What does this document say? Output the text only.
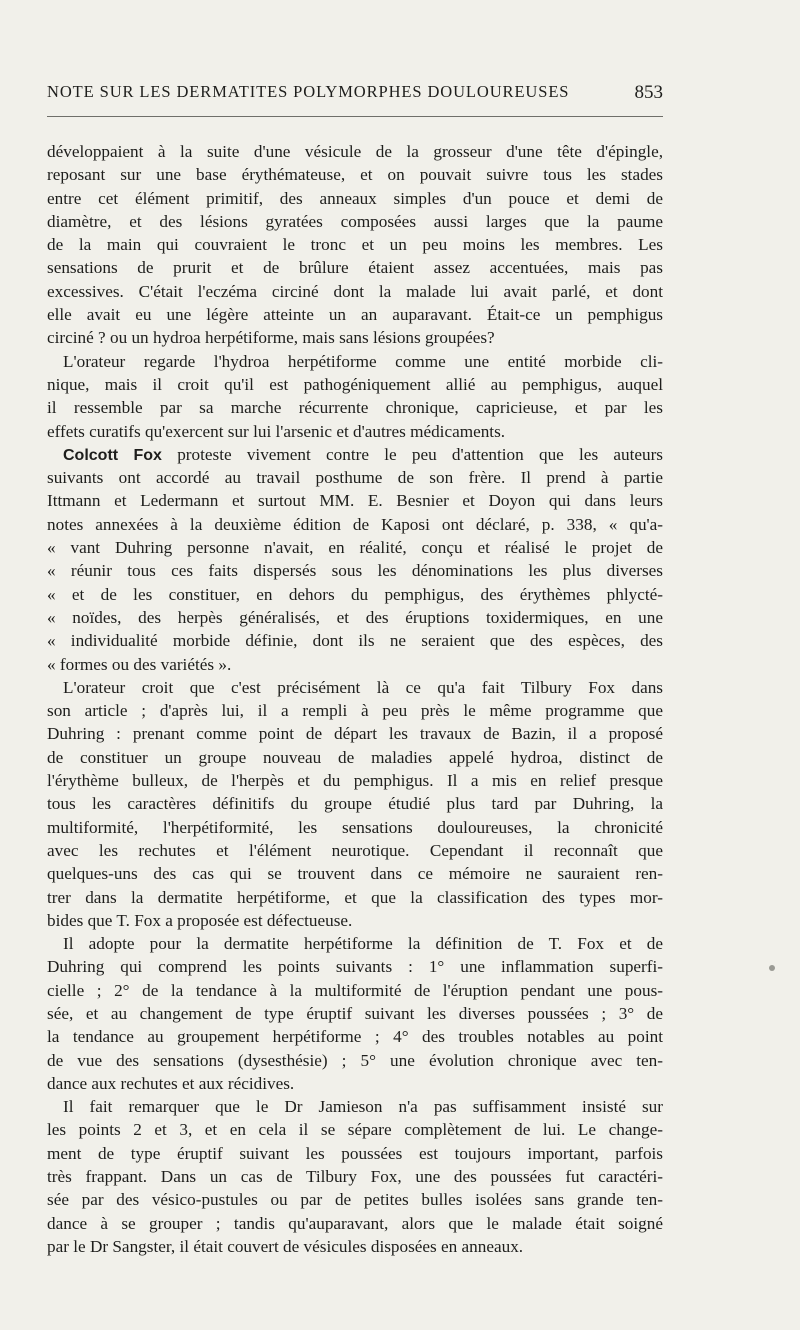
NOTE SUR LES DERMATITES POLYMORPHES DOULOUREUSES	853
développaient à la suite d'une vésicule de la grosseur d'une tête d'épingle,
reposant sur une base érythémateuse, et on pouvait suivre tous les stades
entre cet élément primitif, des anneaux simples d'un pouce et demi de
diamètre, et des lésions gyratées composées aussi larges que la paume
de la main qui couvraient le tronc et un peu moins les membres. Les
sensations de prurit et de brûlure étaient assez accentuées, mais pas
excessives. C'était l'eczéma circiné dont la malade lui avait parlé, et dont
elle avait eu une légère atteinte un an auparavant. Était-ce un pemphigus
circiné ? ou un hydroa herpétiforme, mais sans lésions groupées?
L'orateur regarde l'hydroa herpétiforme comme une entité morbide cli-
nique, mais il croit qu'il est pathogéniquement allié au pemphigus, auquel
il ressemble par sa marche récurrente chronique, capricieuse, et par les
effets curatifs qu'exercent sur lui l'arsenic et d'autres médicaments.
Colcott Fox proteste vivement contre le peu d'attention que les auteurs
suivants ont accordé au travail posthume de son frère. Il prend à partie
Ittmann et Ledermann et surtout MM. E. Besnier et Doyon qui dans leurs
notes annexées à la deuxième édition de Kaposi ont déclaré, p. 338, « qu'a-
« vant Duhring personne n'avait, en réalité, conçu et réalisé le projet de
« réunir tous ces faits dispersés sous les dénominations les plus diverses
« et de les constituer, en dehors du pemphigus, des érythèmes phlycté-
« noïdes, des herpès généralisés, et des éruptions toxidermiques, en une
« individualité morbide définie, dont ils ne seraient que des espèces, des
« formes ou des variétés ».
L'orateur croit que c'est précisément là ce qu'a fait Tilbury Fox dans
son article ; d'après lui, il a rempli à peu près le même programme que
Duhring : prenant comme point de départ les travaux de Bazin, il a proposé
de constituer un groupe nouveau de maladies appelé hydroa, distinct de
l'érythème bulleux, de l'herpès et du pemphigus. Il a mis en relief presque
tous les caractères définitifs du groupe étudié plus tard par Duhring, la
multiformité, l'herpétiformité, les sensations douloureuses, la chronicité
avec les rechutes et l'élément neurotique. Cependant il reconnaît que
quelques-uns des cas qui se trouvent dans ce mémoire ne sauraient ren-
trer dans la dermatite herpétiforme, et que la classification des types mor-
bides que T. Fox a proposée est défectueuse.
Il adopte pour la dermatite herpétiforme la définition de T. Fox et de
Duhring qui comprend les points suivants : 1° une inflammation superfi-
cielle ; 2° de la tendance à la multiformité de l'éruption pendant une pous-
sée, et au changement de type éruptif suivant les diverses poussées ; 3° de
la tendance au groupement herpétiforme ; 4° des troubles notables au point
de vue des sensations (dysesthésie) ; 5° une évolution chronique avec ten-
dance aux rechutes et aux récidives.
Il fait remarquer que le Dr Jamieson n'a pas suffisamment insisté sur
les points 2 et 3, et en cela il se sépare complètement de lui. Le change-
ment de type éruptif suivant les poussées est toujours important, parfois
très frappant. Dans un cas de Tilbury Fox, une des poussées fut caractéri-
sée par des vésico-pustules ou par de petites bulles isolées sans grande ten-
dance à se grouper ; tandis qu'auparavant, alors que le malade était soigné
par le Dr Sangster, il était couvert de vésicules disposées en anneaux.
